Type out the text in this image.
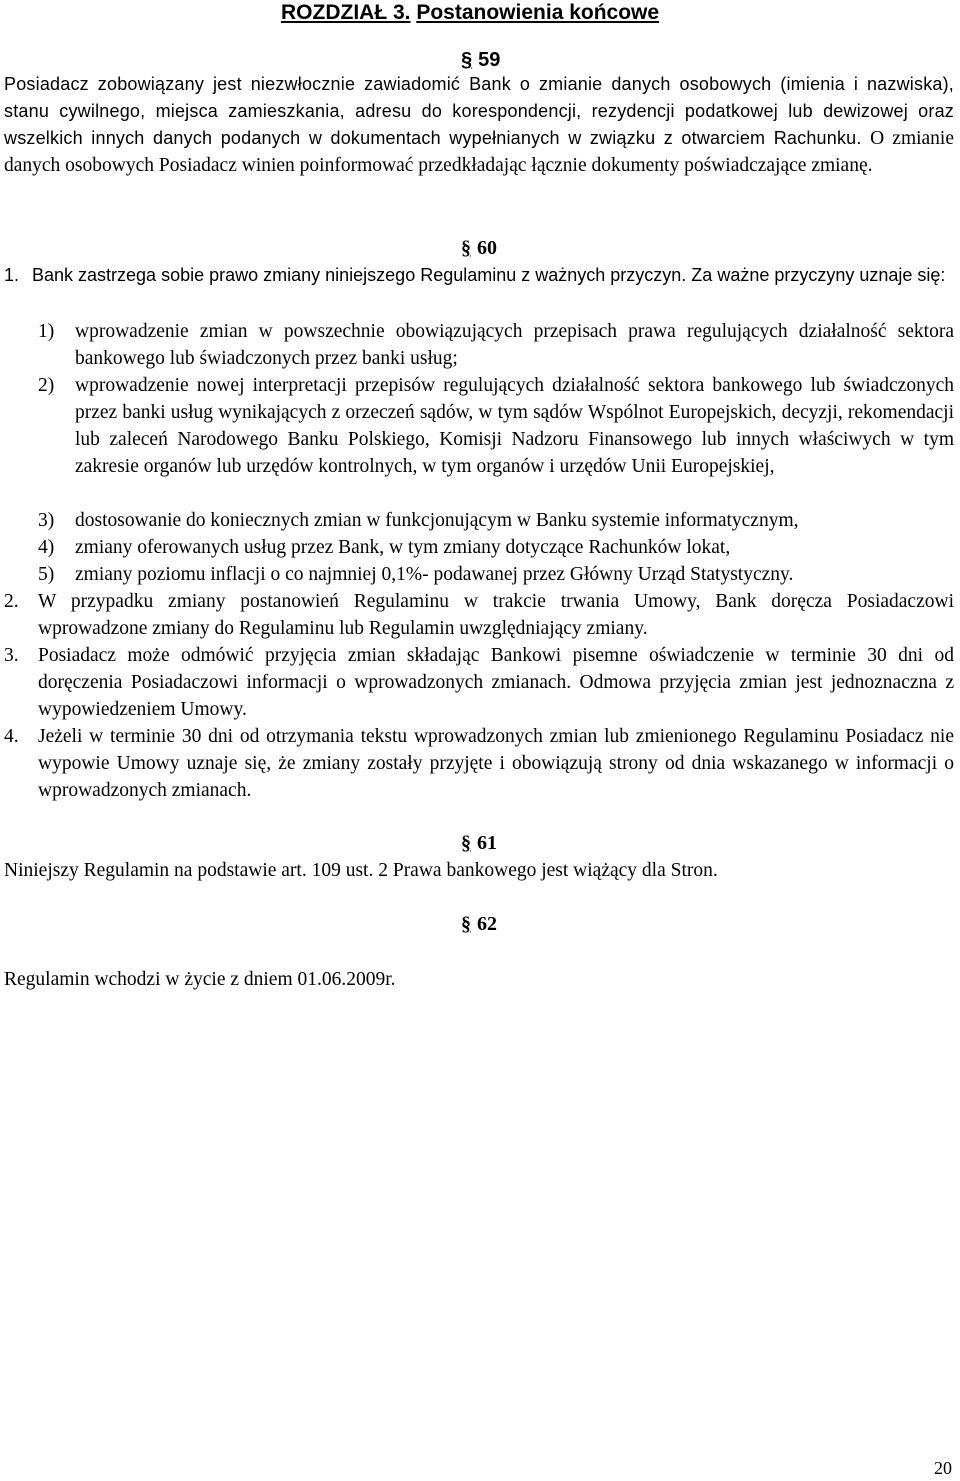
ROZDZIAŁ 3. Postanowienia końcowe
§ 59
Posiadacz zobowiązany jest niezwłocznie zawiadomić Bank o zmianie danych osobowych (imienia i nazwiska), stanu cywilnego, miejsca zamieszkania, adresu do korespondencji, rezydencji podatkowej lub dewizowej oraz wszelkich innych danych podanych w dokumentach wypełnianych w związku z otwarciem Rachunku. O zmianie danych osobowych Posiadacz winien poinformować przedkładając łącznie dokumenty poświadczające zmianę.
§ 60
1. Bank zastrzega sobie prawo zmiany niniejszego Regulaminu z ważnych przyczyn. Za ważne przyczyny uznaje się:
1) wprowadzenie zmian w powszechnie obowiązujących przepisach prawa regulujących działalność sektora bankowego lub świadczonych przez banki usług;
2) wprowadzenie nowej interpretacji przepisów regulujących działalność sektora bankowego lub świadczonych przez banki usług wynikających z orzeczeń sądów, w tym sądów Wspólnot Europejskich, decyzji, rekomendacji lub zaleceń Narodowego Banku Polskiego, Komisji Nadzoru Finansowego lub innych właściwych w tym zakresie organów lub urzędów kontrolnych, w tym organów i urzędów Unii Europejskiej,
3) dostosowanie do koniecznych zmian w funkcjonującym w Banku systemie informatycznym,
4) zmiany oferowanych usług przez Bank, w tym zmiany dotyczące Rachunków lokat,
5) zmiany poziomu inflacji o co najmniej 0,1%- podawanej przez Główny Urząd Statystyczny.
2. W przypadku zmiany postanowień Regulaminu w trakcie trwania Umowy, Bank doręcza Posiadaczowi wprowadzone zmiany do Regulaminu lub Regulamin uwzględniający zmiany.
3. Posiadacz może odmówić przyjęcia zmian składając Bankowi pisemne oświadczenie w terminie 30 dni od doręczenia Posiadaczowi informacji o wprowadzonych zmianach. Odmowa przyjęcia zmian jest jednoznaczna z wypowiedzeniem Umowy.
4. Jeżeli w terminie 30 dni od otrzymania tekstu wprowadzonych zmian lub zmienionego Regulaminu Posiadacz nie wypowie Umowy uznaje się, że zmiany zostały przyjęte i obowiązują strony od dnia wskazanego w informacji o wprowadzonych zmianach.
§ 61
Niniejszy Regulamin na podstawie art. 109 ust. 2 Prawa bankowego jest wiążący dla Stron.
§ 62
Regulamin wchodzi w życie z dniem 01.06.2009r.
20
